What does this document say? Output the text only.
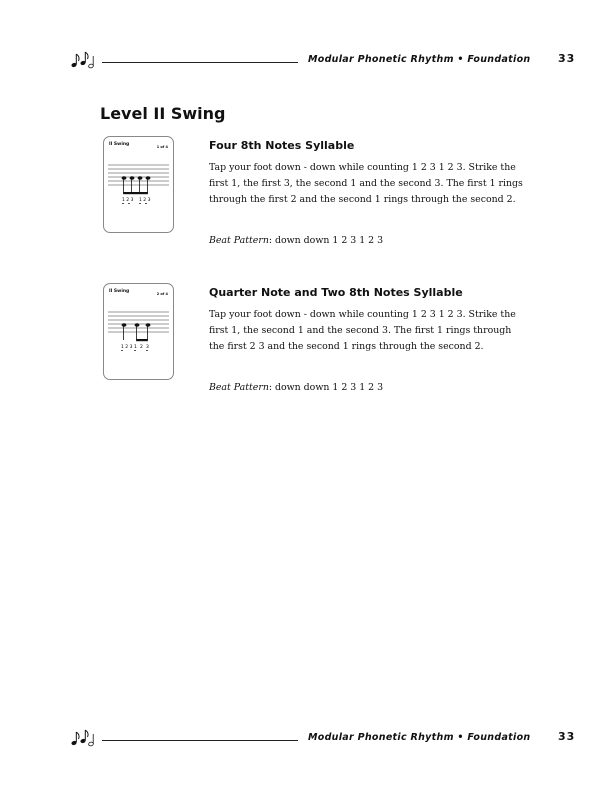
Modular Phonetic Rhythm • Foundation	33
Level II Swing
II Swing	1 of 4
1 2 3 1 2 3
Four 8th Notes Syllable

Tap your foot down - down while counting 1 2 3 1 2 3. Strike the first 1, the first 3, the second 1 and the second 3. The first 1 rings through the first 2 and the second 1 rings through the second 2.

Beat Pattern: down down 1 2 3 1 2 3

II Swing	2 of 4
1 2 3 1 2 3
Quarter Note and Two 8th Notes Syllable

Tap your foot down - down while counting 1 2 3 1 2 3. Strike the first 1, the second 1 and the second 3. The first 1 rings through the first 2 3 and the second 1 rings through the second 2.

Beat Pattern: down down 1 2 3 1 2 3

Modular Phonetic Rhythm • Foundation	33
